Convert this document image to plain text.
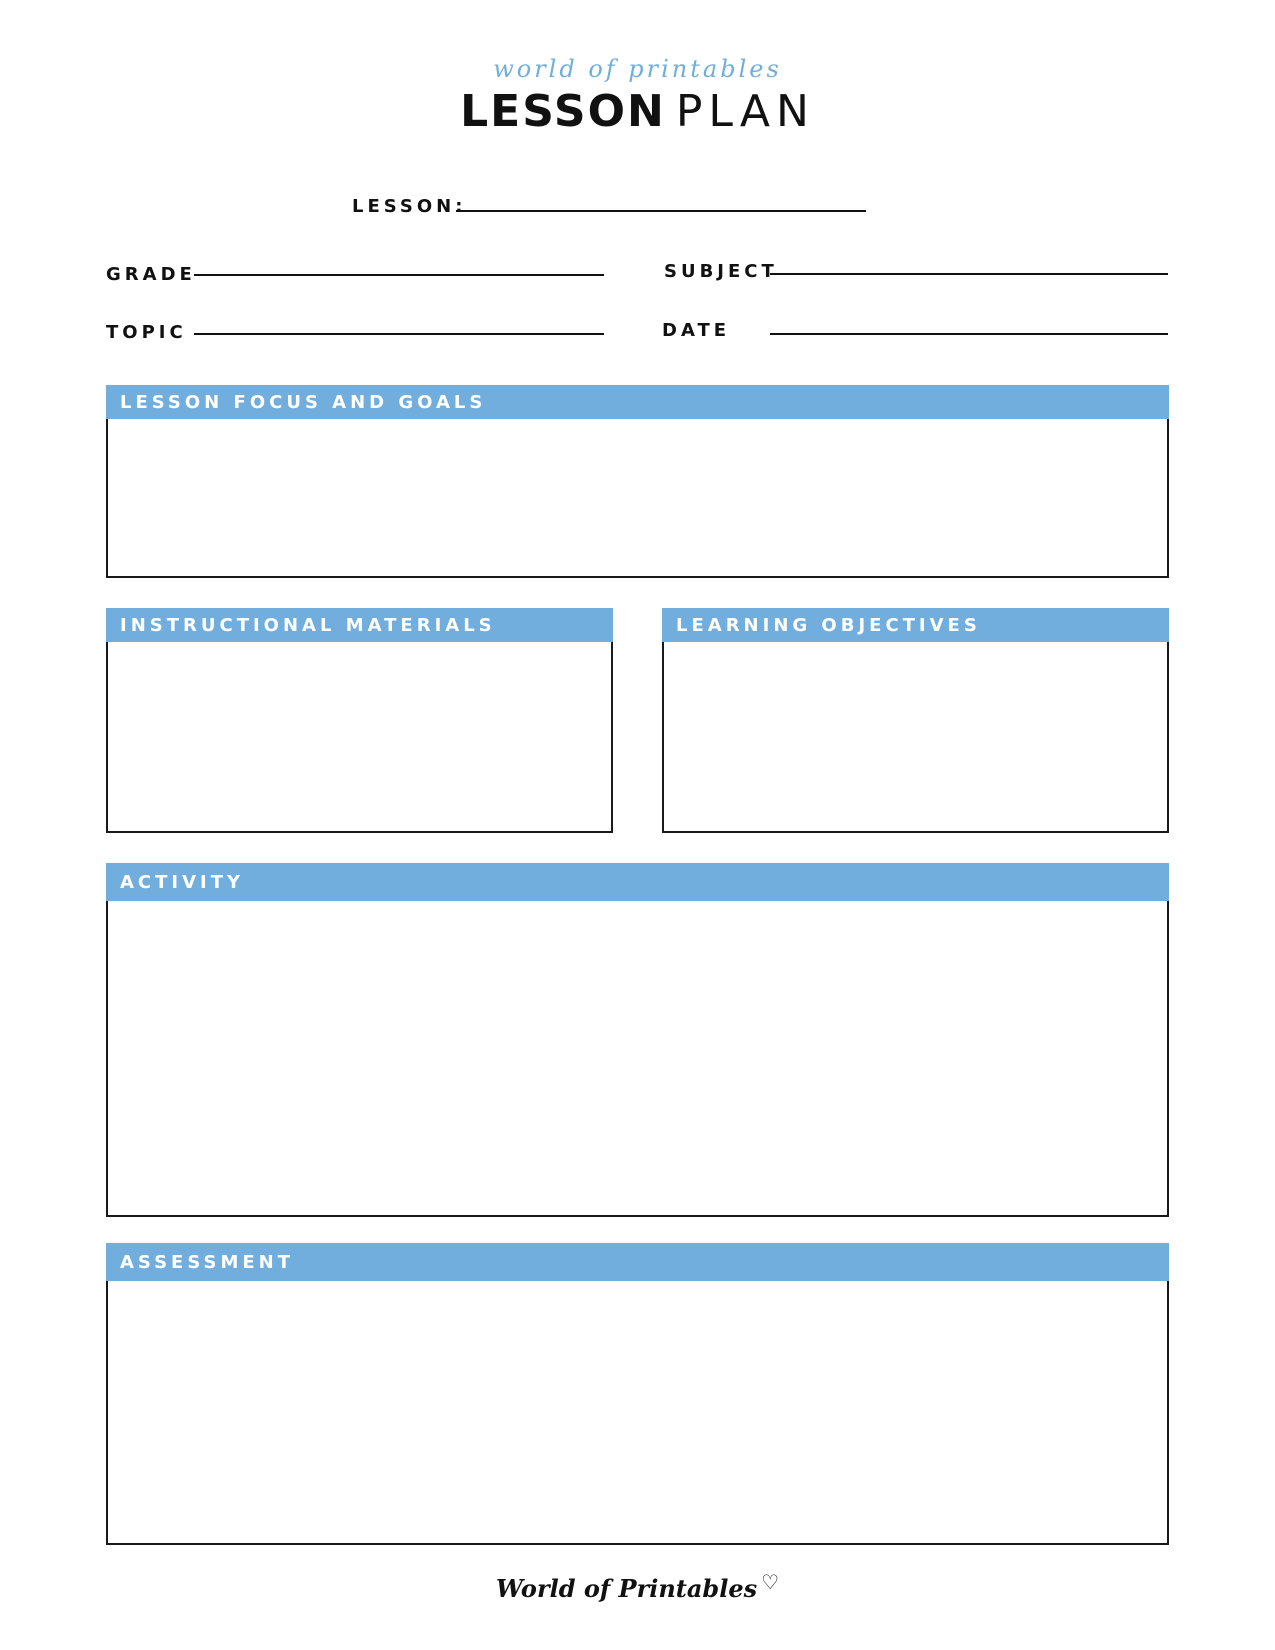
world of printables
LESSON PLAN
LESSON:
GRADE	SUBJECT
TOPIC	DATE
LESSON FOCUS AND GOALS
INSTRUCTIONAL MATERIALS	LEARNING OBJECTIVES
ACTIVITY
ASSESSMENT
World of Printables ♡
